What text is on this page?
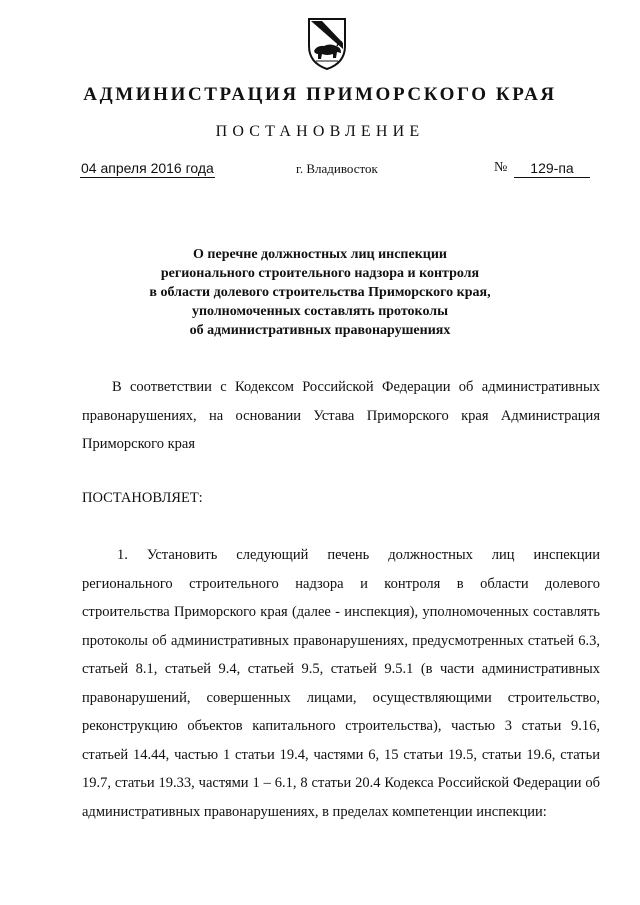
АДМИНИСТРАЦИЯ ПРИМОРСКОГО КРАЯ
ПОСТАНОВЛЕНИЕ
04 апреля 2016 года	г. Владивосток	№	129-па
О перечне должностных лиц инспекции
регионального строительного надзора и контроля
в области долевого строительства Приморского края,
уполномоченных составлять протоколы
об административных правонарушениях
В соответствии с Кодексом Российской Федерации об административных правонарушениях, на основании Устава Приморского края Администрация Приморского края
ПОСТАНОВЛЯЕТ:
1. Установить следующий печень должностных лиц инспекции регионального строительного надзора и контроля в области долевого строительства Приморского края (далее - инспекция), уполномоченных составлять протоколы об административных правонарушениях, предусмотренных статьей 6.3, статьей 8.1, статьей 9.4, статьей 9.5, статьей 9.5.1 (в части административных правонарушений, совершенных лицами, осуществляющими строительство, реконструкцию объектов капитального строительства), частью 3 статьи 9.16, статьей 14.44, частью 1 статьи 19.4, частями 6, 15 статьи 19.5, статьи 19.6, статьи 19.7, статьи 19.33, частями 1 – 6.1, 8 статьи 20.4 Кодекса Российской Федерации об административных правонарушениях, в пределах компетенции инспекции:
